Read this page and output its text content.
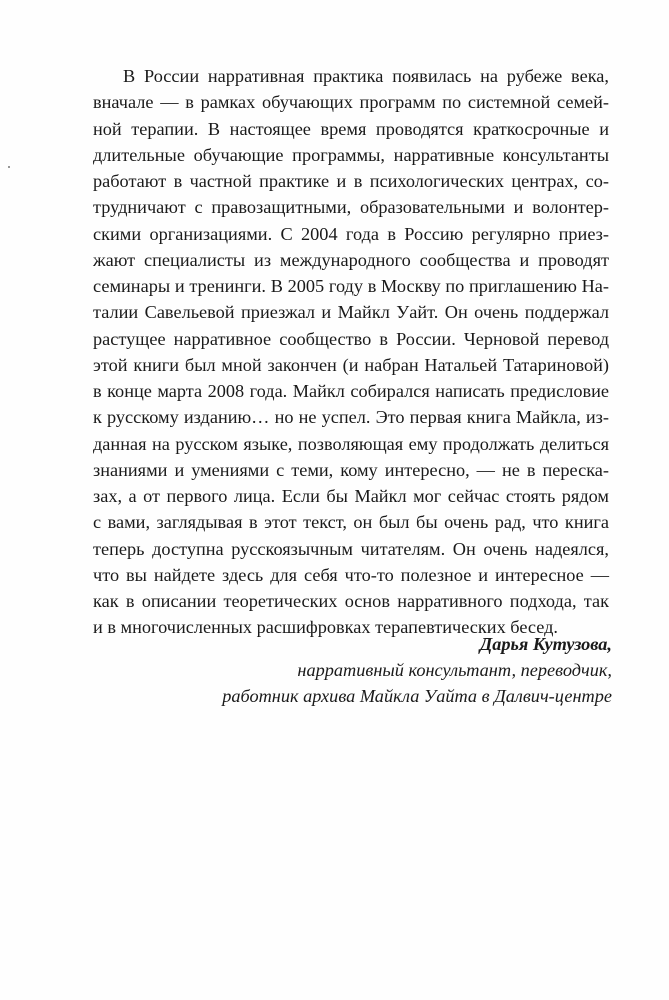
В России нарративная практика появилась на рубеже века,
вначале — в рамках обучающих программ по системной семей-
ной терапии. В настоящее время проводятся краткосрочные и
длительные обучающие программы, нарративные консультанты
работают в частной практике и в психологических центрах, со-
трудничают с правозащитными, образовательными и волонтер-
скими организациями. С 2004 года в Россию регулярно приез-
жают специалисты из международного сообщества и проводят
семинары и тренинги. В 2005 году в Москву по приглашению На-
талии Савельевой приезжал и Майкл Уайт. Он очень поддержал
растущее нарративное сообщество в России. Черновой перевод
этой книги был мной закончен (и набран Натальей Татариновой)
в конце марта 2008 года. Майкл собирался написать предисловие
к русскому изданию… но не успел. Это первая книга Майкла, из-
данная на русском языке, позволяющая ему продолжать делиться
знаниями и умениями с теми, кому интересно, — не в переска-
зах, а от первого лица. Если бы Майкл мог сейчас стоять рядом
с вами, заглядывая в этот текст, он был бы очень рад, что книга
теперь доступна русскоязычным читателям. Он очень надеялся,
что вы найдете здесь для себя что-то полезное и интересное —
как в описании теоретических основ нарративного подхода, так
и в многочисленных расшифровках терапевтических бесед.
Дарья Кутузова,
нарративный консультант, переводчик,
работник архива Майкла Уайта в Далвич-центре
